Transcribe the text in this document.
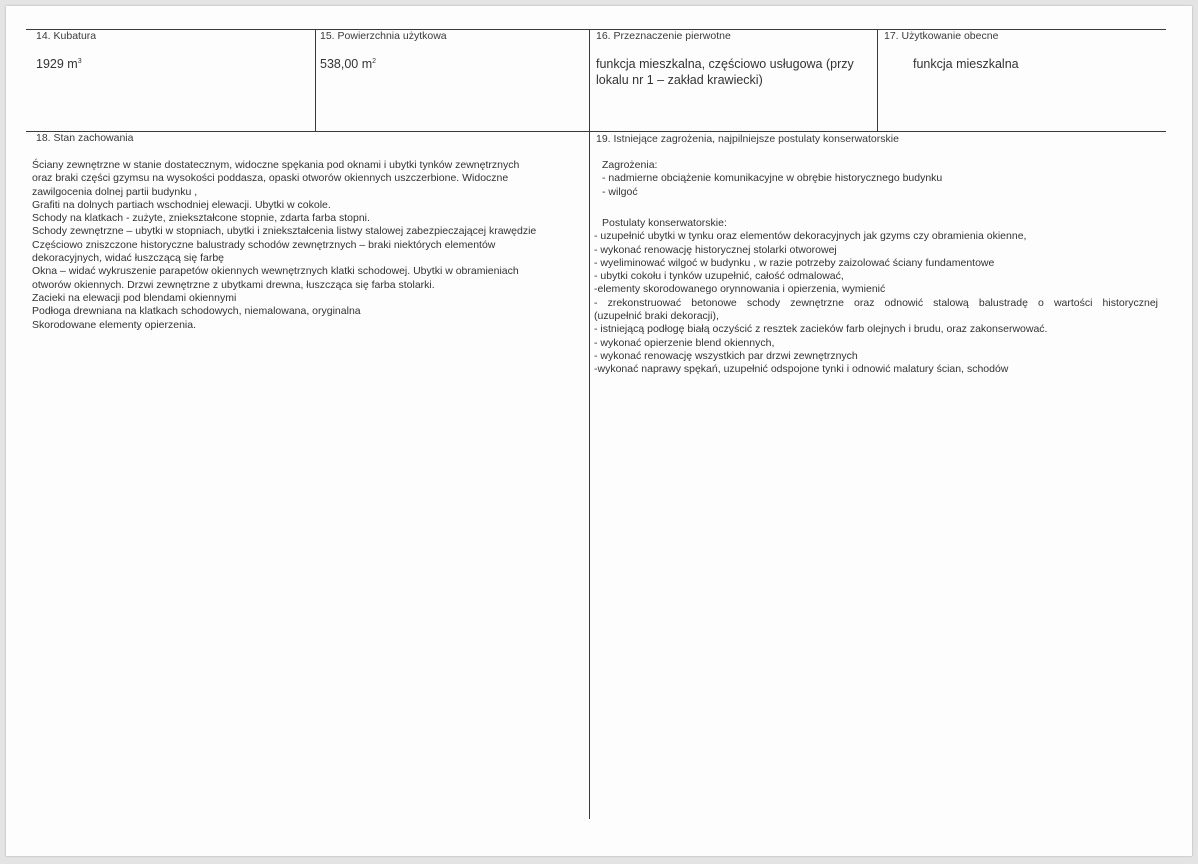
14. Kubatura
1929 $m^3$
15. Powierzchnia użytkowa
538,00 $m^2$
16. Przeznaczenie pierwotne
funkcja mieszkalna, częściowo usługowa (przy
lokalu nr 1 – zakład krawiecki)
17. Użytkowanie obecne
funkcja mieszkalna
18. Stan zachowania
Ściany zewnętrzne w stanie dostatecznym, widoczne spękania pod oknami i ubytki tynków zewnętrznych
oraz braki części gzymsu na wysokości poddasza, opaski otworów okiennych uszczerbione. Widoczne
zawilgocenia dolnej partii budynku ,
Grafiti na dolnych partiach wschodniej elewacji. Ubytki w cokole.
Schody na klatkach - zużyte, zniekształcone stopnie, zdarta farba stopni.
Schody zewnętrzne – ubytki w stopniach, ubytki i zniekształcenia listwy stalowej zabezpieczającej krawędzie
Częściowo zniszczone historyczne balustrady schodów zewnętrznych – braki niektórych elementów
dekoracyjnych, widać łuszczącą się farbę
Okna – widać wykruszenie parapetów okiennych wewnętrznych klatki schodowej. Ubytki w obramieniach
otworów okiennych. Drzwi zewnętrzne z ubytkami drewna, łuszcząca się farba stolarki.
Zacieki na elewacji pod blendami okiennymi
Podłoga drewniana na klatkach schodowych, niemalowana, oryginalna
Skorodowane elementy opierzenia.
19. Istniejące zagrożenia, najpilniejsze postulaty konserwatorskie
Zagrożenia:
- nadmierne obciążenie komunikacyjne w obrębie historycznego budynku
- wilgoć
Postulaty konserwatorskie:
- uzupełnić ubytki w tynku oraz elementów dekoracyjnych jak gzyms czy obramienia okienne,
- wykonać renowację historycznej stolarki otworowej
- wyeliminować wilgoć w budynku , w razie potrzeby zaizolować ściany fundamentowe
- ubytki cokołu i tynków uzupełnić, całość odmalować,
-elementy skorodowanego orynnowania i opierzenia, wymienić
- zrekonstruować betonowe schody zewnętrzne oraz odnowić stalową balustradę o wartości historycznej
(uzupełnić braki dekoracji),
- istniejącą podłogę białą oczyścić z resztek zacieków farb olejnych i brudu, oraz zakonserwować.
- wykonać opierzenie blend okiennych,
- wykonać renowację wszystkich par drzwi zewnętrznych
-wykonać naprawy spękań, uzupełnić odspojone tynki i odnowić malatury ścian, schodów
